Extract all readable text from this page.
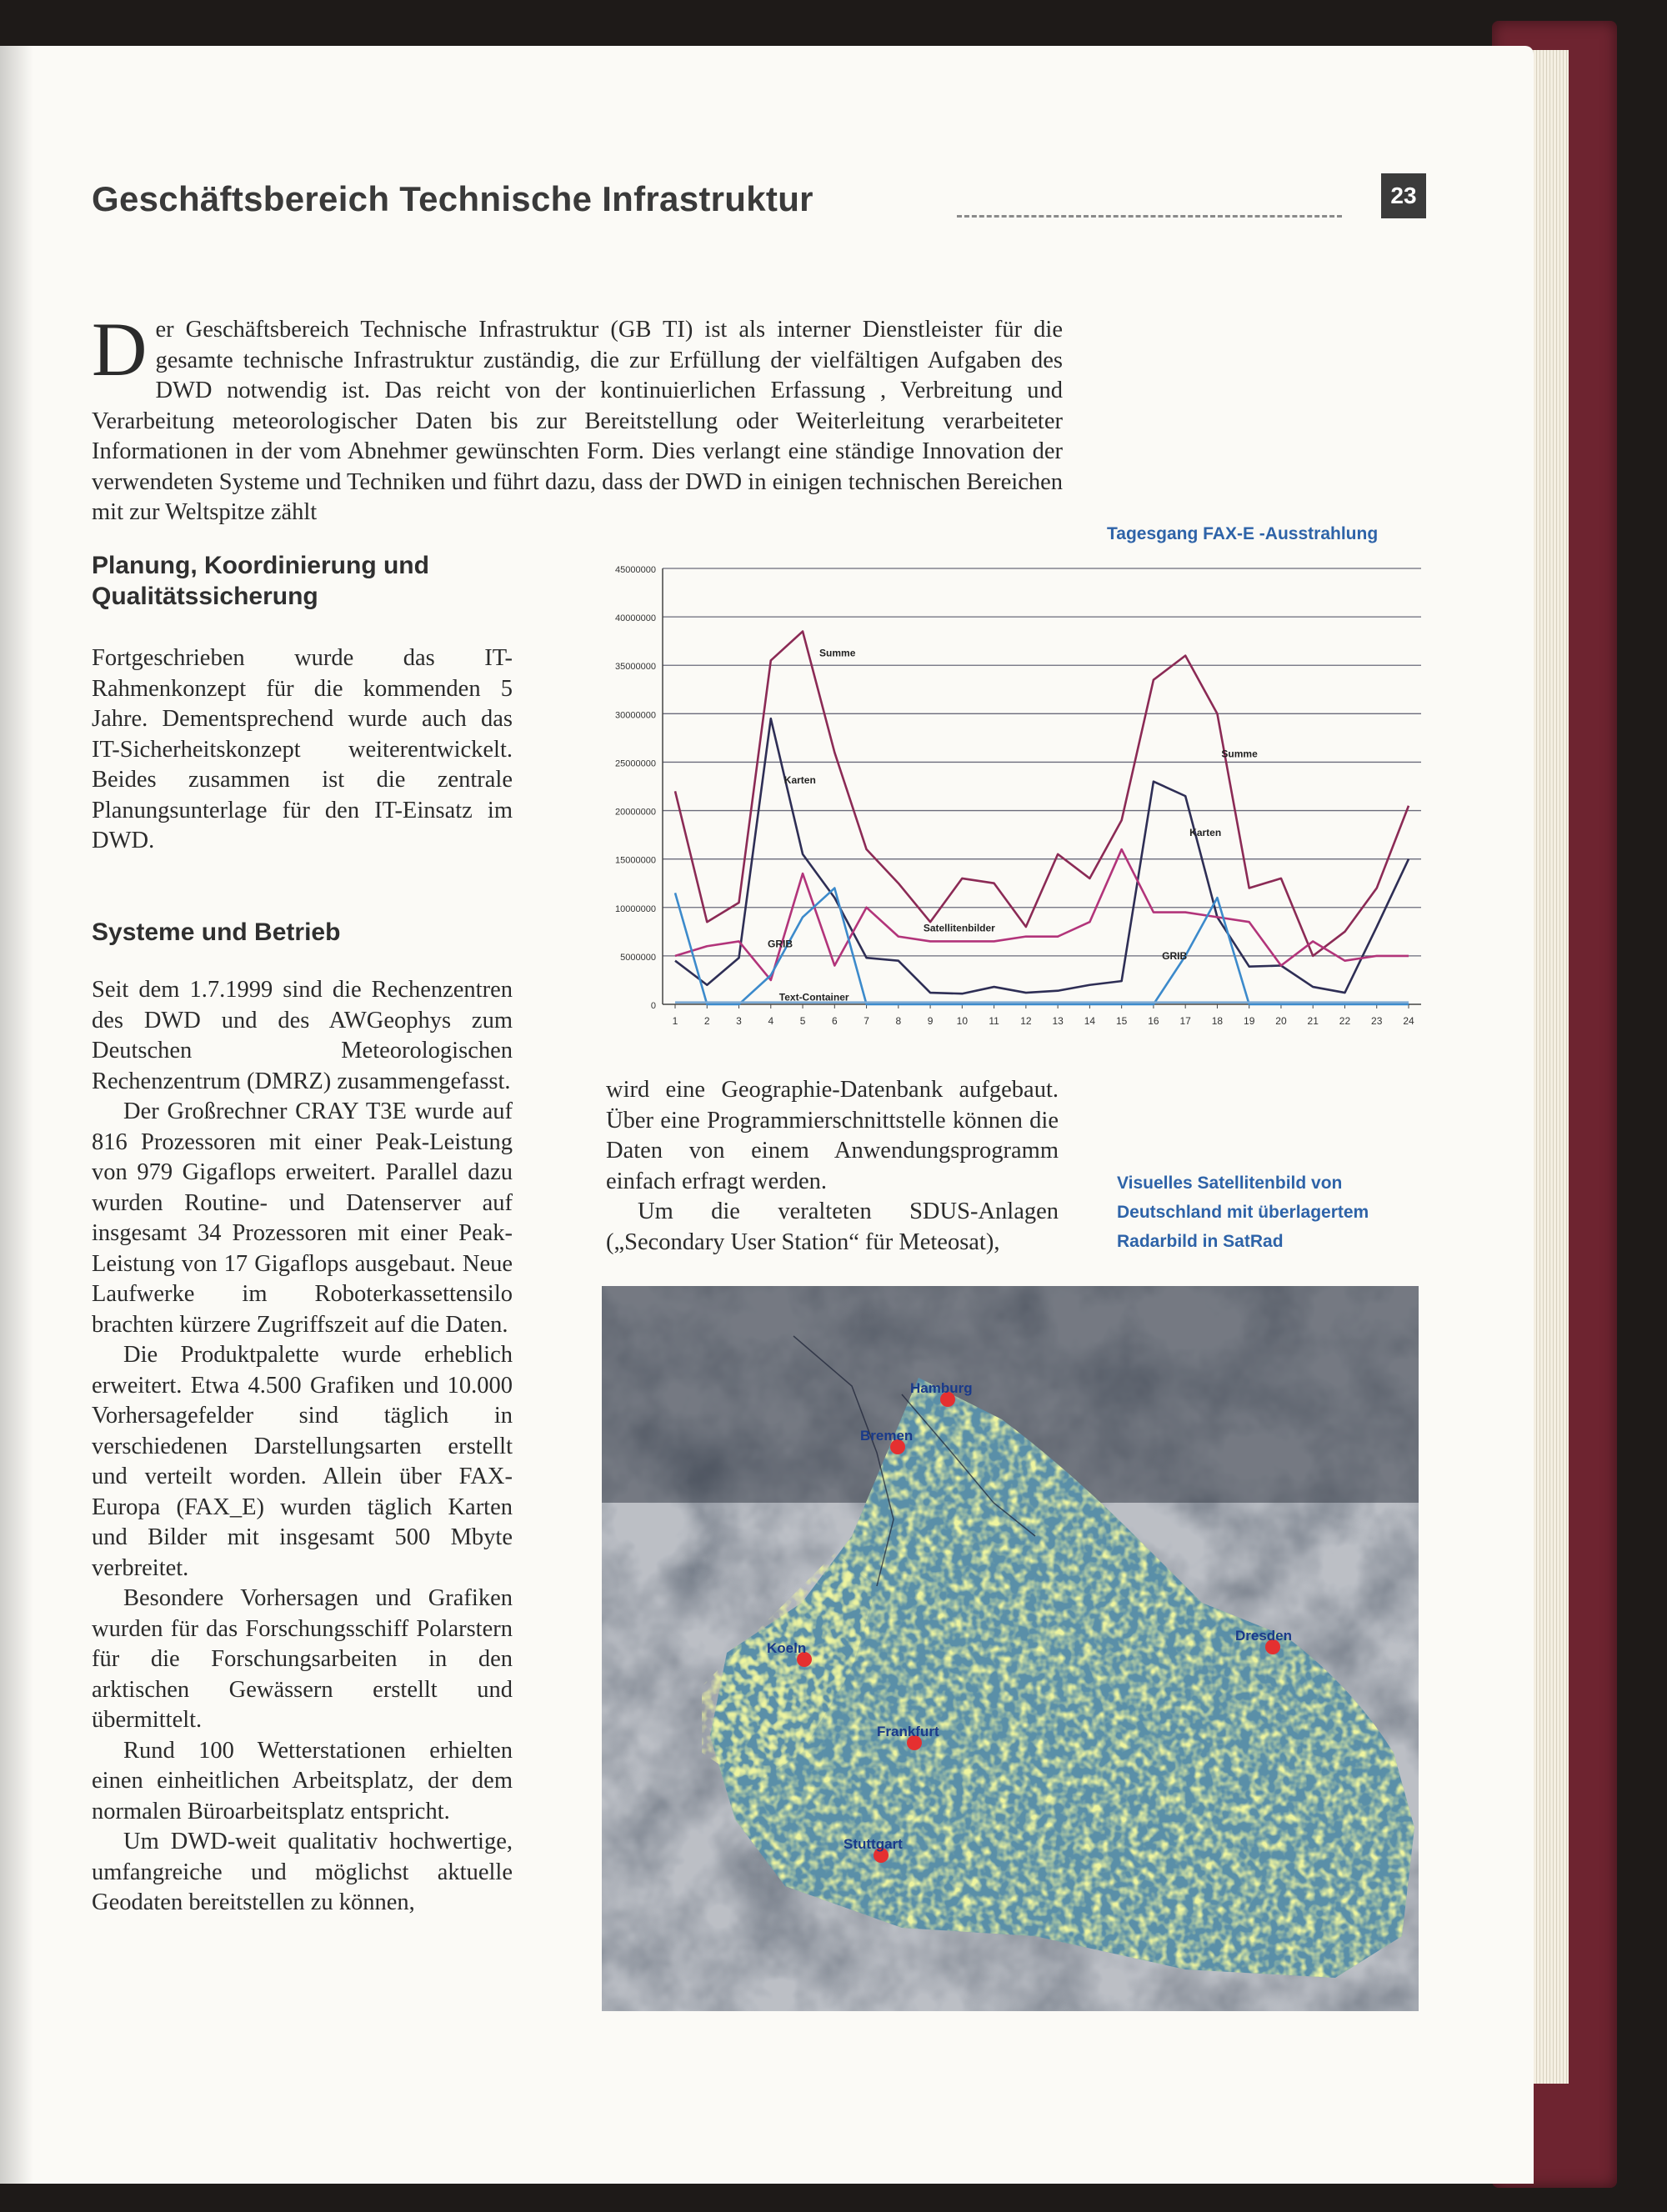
Geschäftsbereich Technische Infrastruktur	23
Der Geschäftsbereich Technische Infrastruktur (GB TI) ist als interner Dienstleister für die gesamte technische Infrastruktur zuständig, die zur Erfüllung der vielfältigen Aufgaben des DWD notwendig ist. Das reicht von der kontinuierlichen Erfassung , Verbreitung und Verarbeitung meteorologischer Daten bis zur Bereitstellung oder Weiterleitung verarbeiteter Informationen in der vom Abnehmer gewünschten Form. Dies verlangt eine ständige Innovation der verwendeten Systeme und Techniken und führt dazu, dass der DWD in einigen technischen Bereichen mit zur Weltspitze zählt
Planung, Koordinierung und
Qualitätssicherung

Fortgeschrieben wurde das IT-Rahmenkonzept für die kommenden 5 Jahre. Dementsprechend wurde auch das IT-Sicherheitskonzept weiterentwickelt. Beides zusammen ist die zentrale Planungsunterlage für den IT-Einsatz im DWD.

Systeme und Betrieb

Seit dem 1.7.1999 sind die Rechenzentren des DWD und des AWGeophys zum Deutschen Meteorologischen Rechenzentrum (DMRZ) zusammengefasst.

Der Großrechner CRAY T3E wurde auf 816 Prozessoren mit einer Peak-Leistung von 979 Gigaflops erweitert. Parallel dazu wurden Routine- und Datenserver auf insgesamt 34 Prozessoren mit einer Peak-Leistung von 17 Gigaflops ausgebaut. Neue Laufwerke im Roboterkassettensilo brachten kürzere Zugriffszeit auf die Daten.

Die Produktpalette wurde erheblich erweitert. Etwa 4.500 Grafiken und 10.000 Vorhersagefelder sind täglich in verschiedenen Darstellungsarten erstellt und verteilt worden. Allein über FAX-Europa (FAX_E) wurden täglich Karten und Bilder mit insgesamt 500 Mbyte verbreitet.

Besondere Vorhersagen und Grafiken wurden für das Forschungsschiff Polarstern für die Forschungsarbeiten in den arktischen Gewässern erstellt und übermittelt.

Rund 100 Wetterstationen erhielten einen einheitlichen Arbeitsplatz, der dem normalen Büroarbeitsplatz entspricht.

Um DWD-weit qualitativ hochwertige, umfangreiche und möglichst aktuelle Geodaten bereitstellen zu können,

wird eine Geographie-Datenbank aufgebaut. Über eine Programmierschnittstelle können die Daten von einem Anwendungsprogramm einfach erfragt werden.

Um die veralteten SDUS-Anlagen („Secondary User Station“ für Meteosat),

Tagesgang FAX-E -Ausstrahlung
Visuelles Satellitenbild von
Deutschland mit überlagertem
Radarbild in SatRad
0
5000000
10000000
15000000
20000000
25000000
30000000
35000000
40000000
45000000
1	2	3	4	5	6	7	8	9 10 11 12 13 14 15 16 17 18 19 20 21 22 23 24
Summe
Summe
Karten
Karten
Satellitenbilder
GRIB
GRIB
Text-Container
Hamburg
Bremen
Dresden
Koeln
Frankfurt
Stuttgart
